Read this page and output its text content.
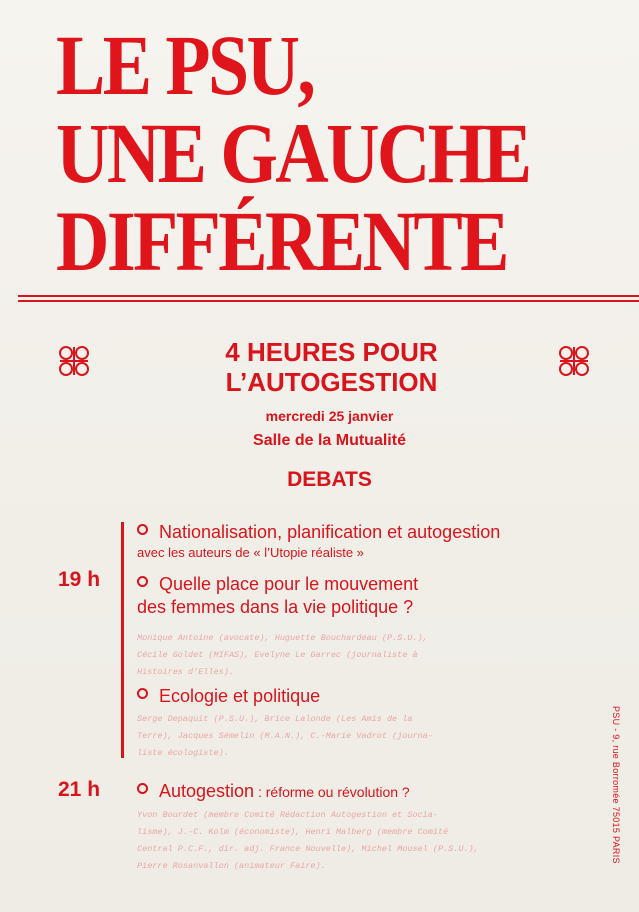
LE PSU,
UNE GAUCHE
DIFFÉRENTE
4 HEURES POUR
L’AUTOGESTION
mercredi 25 janvier
Salle de la Mutualité
DEBATS
19 h
21 h
Nationalisation, planification et autogestion
avec les auteurs de « l’Utopie réaliste »
Quelle place pour le mouvement
des femmes dans la vie politique ?
Monique Antoine (avocate), Huguette Bouchardeau (P.S.U.),
Cécile Goldet (MIFAS), Evelyne Le Garrec (journaliste à
Histoires d’Elles).
Ecologie et politique
Serge Depaquit (P.S.U.), Brice Lalonde (Les Amis de la
Terre), Jacques Sémelin (M.A.N.), C.-Marie Vadrot (journa-
liste écologiste).
Autogestion : réforme ou révolution ?
Yvon Bourdet (membre Comité Rédaction Autogestion et Socia-
lisme), J.-C. Kolm (économiste), Henri Malberg (membre Comité
Central P.C.F., dir. adj. France Nouvelle), Michel Mousel (P.S.U.),
Pierre Rosanvallon (animateur Faire).
PSU - 9, rue Borromée 75015 PARIS
